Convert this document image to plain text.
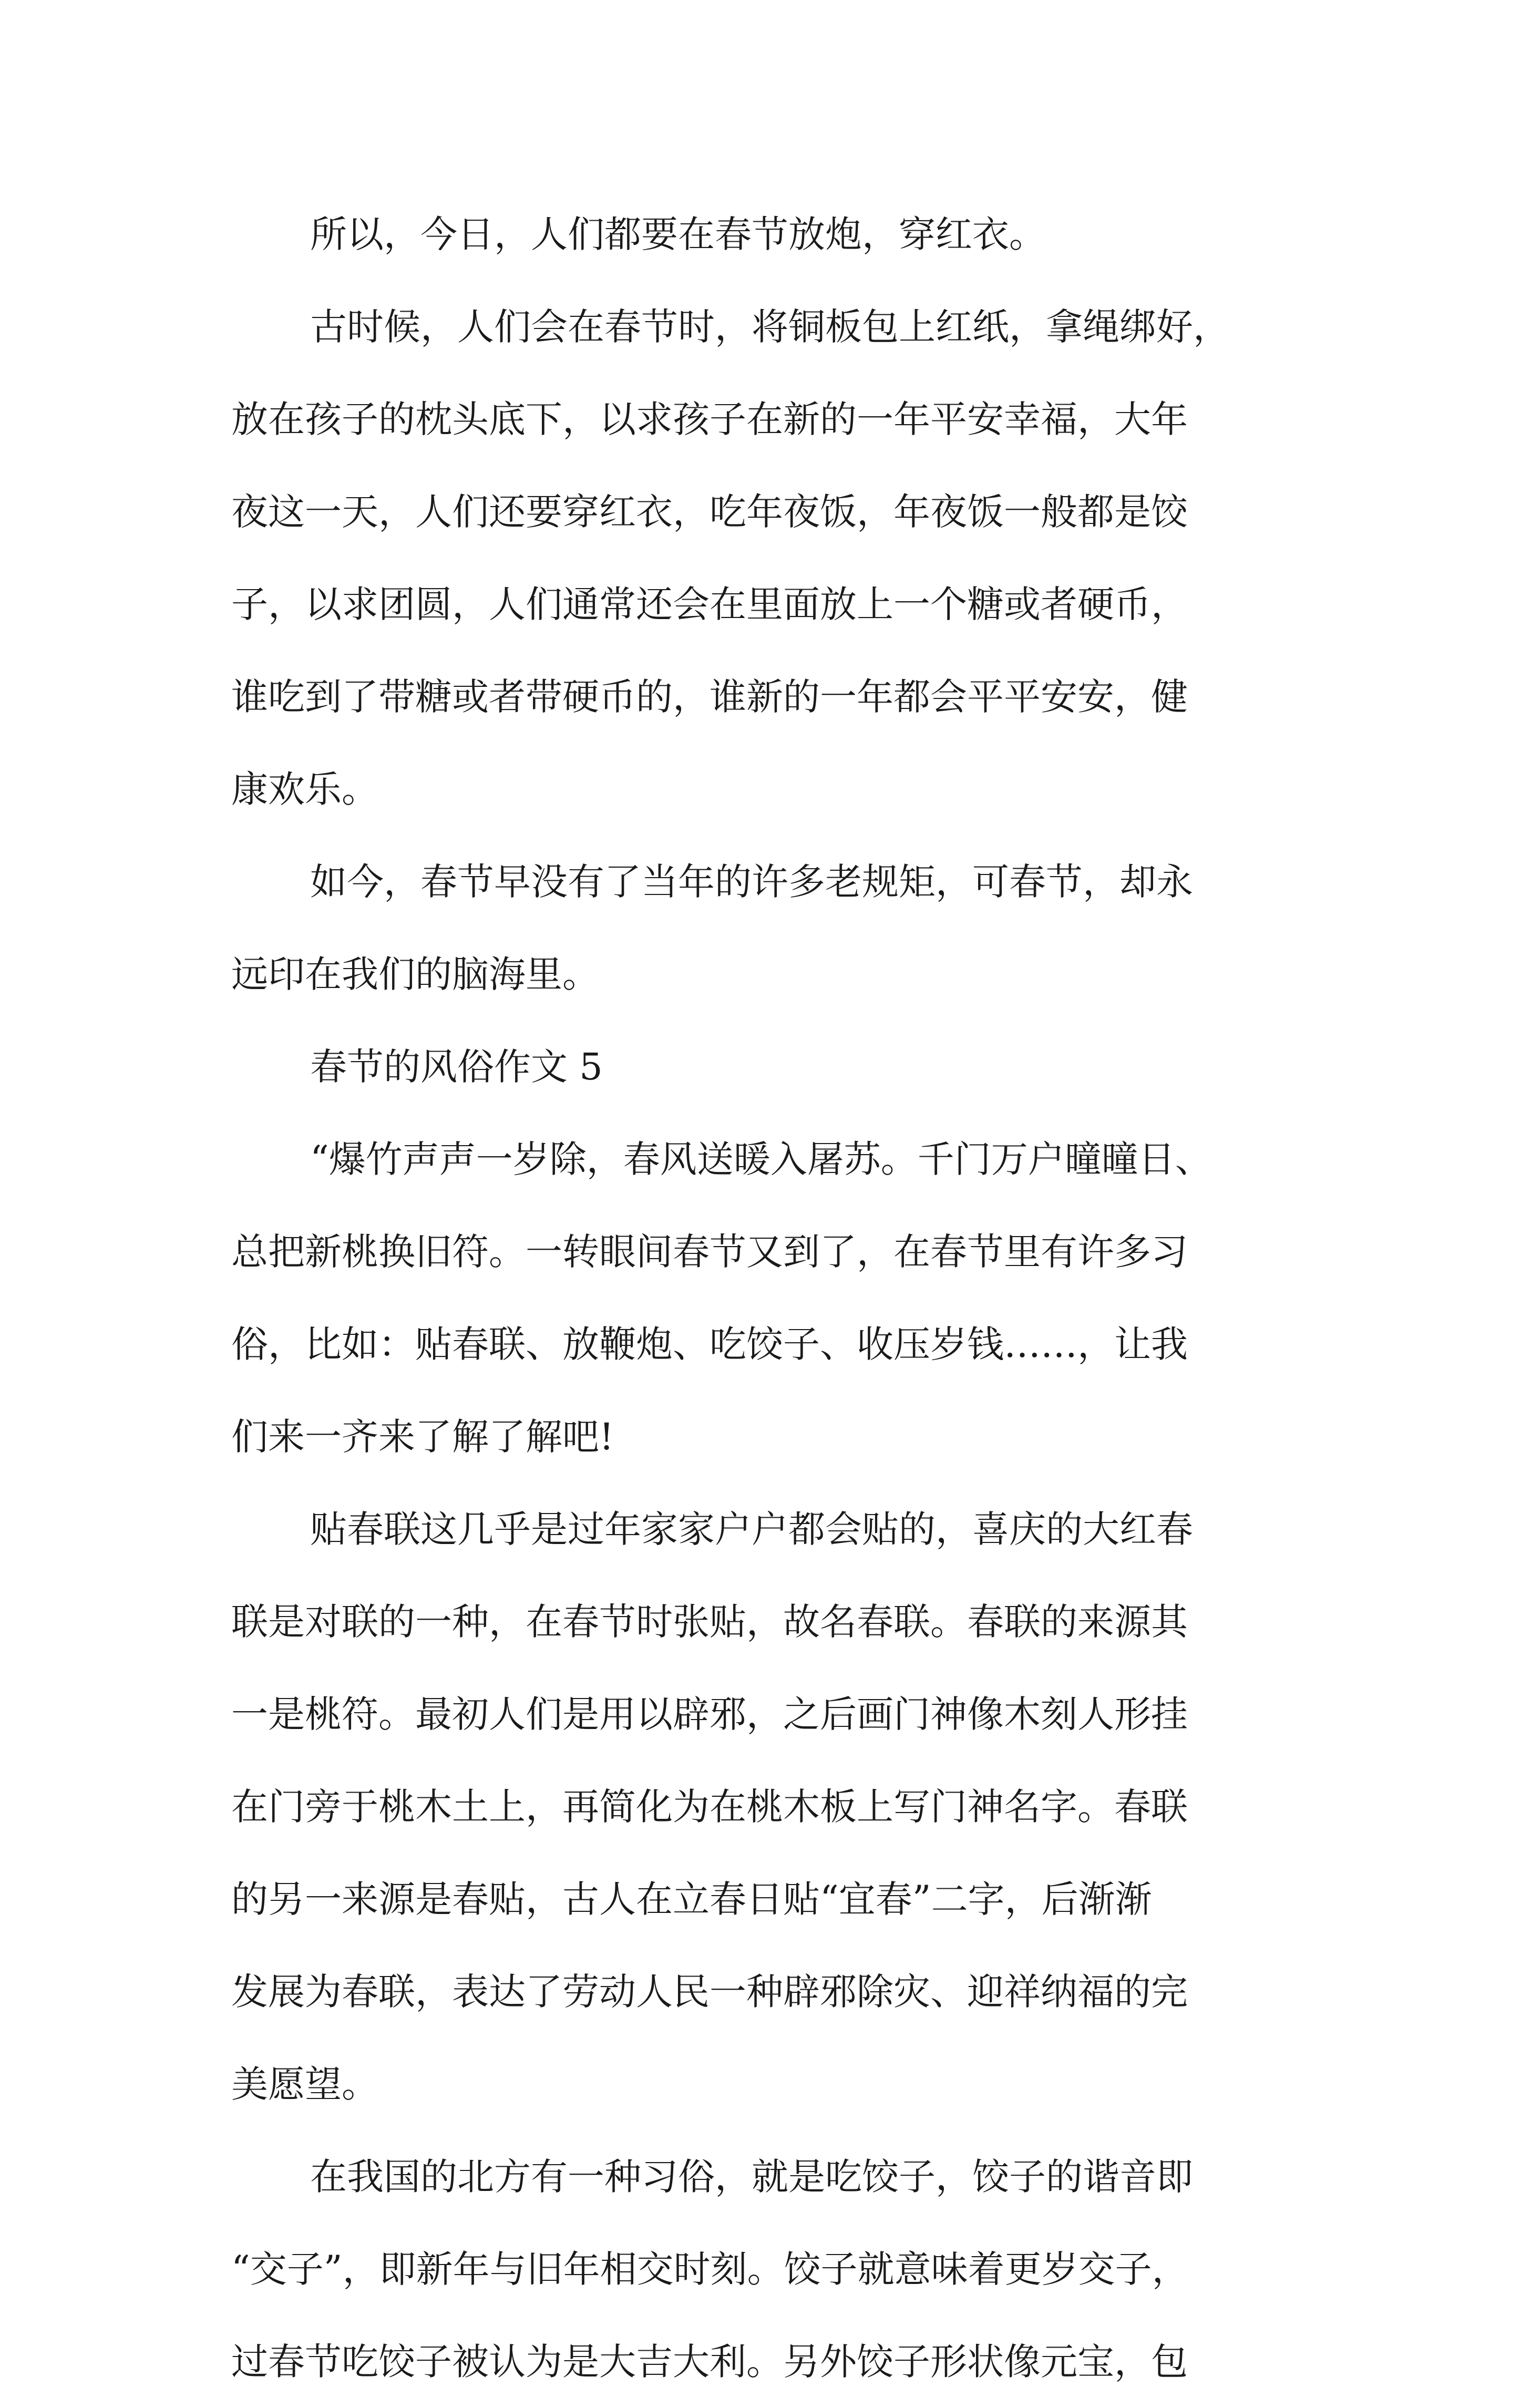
所以，今日，人们都要在春节放炮，穿红衣。
古时候，人们会在春节时，将铜板包上红纸，拿绳绑好，
放在孩子的枕头底下，以求孩子在新的一年平安幸福，大年
夜这一天，人们还要穿红衣，吃年夜饭，年夜饭一般都是饺
子，以求团圆，人们通常还会在里面放上一个糖或者硬币，
谁吃到了带糖或者带硬币的，谁新的一年都会平平安安，健
康欢乐。
如今，春节早没有了当年的许多老规矩，可春节，却永
远印在我们的脑海里。
春节的风俗作文 5
“爆竹声声一岁除，春风送暖入屠苏。千门万户曈曈日、
总把新桃换旧符。一转眼间春节又到了，在春节里有许多习
俗，比如：贴春联、放鞭炮、吃饺子、收压岁钱……，让我
们来一齐来了解了解吧!
贴春联这几乎是过年家家户户都会贴的，喜庆的大红春
联是对联的一种，在春节时张贴，故名春联。春联的来源其
一是桃符。最初人们是用以辟邪，之后画门神像木刻人形挂
在门旁于桃木土上，再简化为在桃木板上写门神名字。春联
的另一来源是春贴，古人在立春日贴“宜春”二字，后渐渐
发展为春联，表达了劳动人民一种辟邪除灾、迎祥纳福的完
美愿望。
在我国的北方有一种习俗，就是吃饺子，饺子的谐音即
“交子”，即新年与旧年相交时刻。饺子就意味着更岁交子，
过春节吃饺子被认为是大吉大利。另外饺子形状像元宝，包
